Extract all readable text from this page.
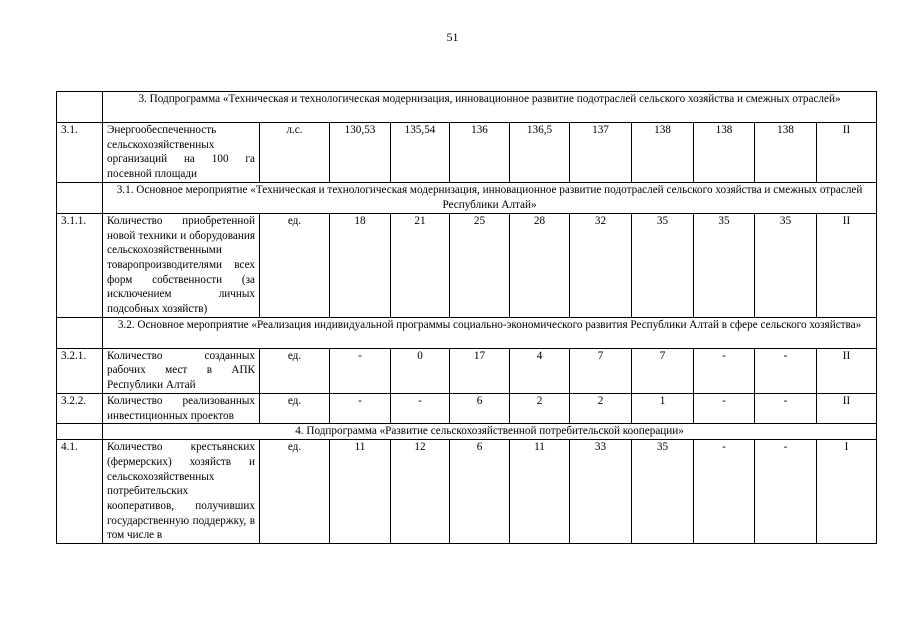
51
	3. Подпрограмма «Техническая и технологическая модернизация, инновационное развитие подотраслей сельского хозяйства и смежных отраслей»										
3.1.	Энергообеспеченность сельскохозяйственных организаций на 100 га посевной площади	л.с.	130,53	135,54	136	136,5	137	138	138	138	II
	3.1. Основное мероприятие «Техническая и технологическая модернизация, инновационное развитие подотраслей сельского хозяйства и смежных отраслей Республики Алтай»										
3.1.1.	Количество приобретенной новой техники и оборудования сельскохозяйственными товаропроизводителями всех форм собственности (за исключением личных подсобных хозяйств)	ед.	18	21	25	28	32	35	35	35	II
	3.2. Основное мероприятие «Реализация индивидуальной программы социально-экономического развития Республики Алтай в сфере сельского хозяйства»										
3.2.1.	Количество созданных рабочих мест в АПК Республики Алтай	ед.	-	0	17	4	7	7	-	-	II
3.2.2.	Количество реализованных инвестиционных проектов	ед.	-	-	6	2	2	1	-	-	II
	4. Подпрограмма «Развитие сельскохозяйственной потребительской кооперации»										
4.1.	Количество крестьянских (фермерских) хозяйств и сельскохозяйственных потребительских кооперативов, получивших государственную поддержку, в том числе в	ед.	11	12	6	11	33	35	-	-	I
